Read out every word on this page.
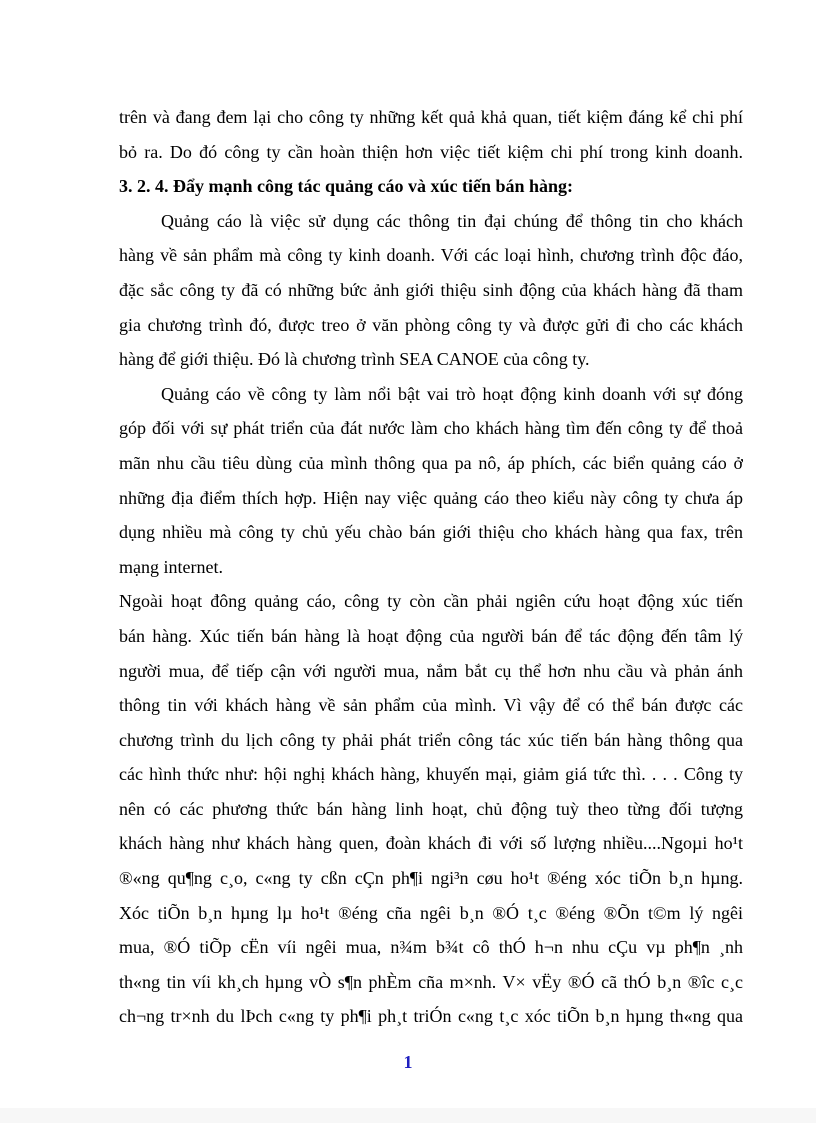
trên và đang đem lại cho công ty những kết quả khả quan, tiết kiệm đáng kể chi phí
bỏ ra. Do đó công ty cần hoàn thiện hơn việc tiết kiệm chi phí trong kinh doanh.
3. 2. 4. Đẩy mạnh công tác quảng cáo và xúc tiến bán hàng:
Quảng cáo là việc sử dụng các thông tin đại chúng để thông tin cho khách
hàng về sản phẩm mà công ty kinh doanh. Với các loại hình, chương trình độc đáo,
đặc sắc công ty đã có những bức ảnh giới thiệu sinh động của khách hàng đã tham
gia chương trình đó, được treo ở văn phòng công ty và được gửi đi cho các khách
hàng để giới thiệu. Đó là chương trình SEA CANOE của công ty.
Quảng cáo về công ty làm nổi bật vai trò hoạt động kinh doanh với sự đóng
góp đối với sự phát triển của đát nước làm cho khách hàng tìm đến công ty để thoả
mãn nhu cầu tiêu dùng của mình thông qua pa nô, áp phích, các biển quảng cáo ở
những địa điểm thích hợp. Hiện nay việc quảng cáo theo kiểu này công ty chưa áp
dụng nhiều mà công ty chủ yếu chào bán giới thiệu cho khách hàng qua fax, trên
mạng internet.
Ngoài hoạt đông quảng cáo, công ty còn cần phải ngiên cứu hoạt động xúc tiến
bán hàng. Xúc tiến bán hàng là hoạt động của người bán để tác động đến tâm lý
người mua, để tiếp cận với người mua, nắm bắt cụ thể hơn nhu cầu và phản ánh
thông tin với khách hàng về sản phẩm của mình. Vì vậy để có thể bán được các
chương trình du lịch công ty phải phát triển công tác xúc tiến bán hàng thông qua
các hình thức như: hội nghị khách hàng, khuyến mại, giảm giá tức thì. . . . Công ty
nên có các phương thức bán hàng linh hoạt, chủ động tuỳ theo từng đối tượng
khách hàng như khách hàng quen, đoàn khách đi với số lượng nhiều....Ngoµi ho¹t
®«ng qu¶ng c¸o, c«ng ty cßn cÇn ph¶i ngi³n cøu ho¹t ®éng xóc tiÕn b¸n hµng.
Xóc tiÕn b¸n hµng lµ ho¹t ®éng cña ngêi b¸n ®Ó t¸c ®éng ®Õn t©m lý ngêi
mua, ®Ó tiÕp cËn víi ngêi mua, n¾m b¾t cô thÓ h¬n nhu cÇu vµ ph¶n ¸nh
th«ng tin víi kh¸ch hµng vÒ s¶n phÈm cña m×nh. V× vËy ®Ó cã thÓ b¸n ®îc c¸c
ch¬ng tr×nh du lÞch c«ng ty ph¶i ph¸t triÓn c«ng t¸c xóc tiÕn b¸n hµng th«ng qua
1
